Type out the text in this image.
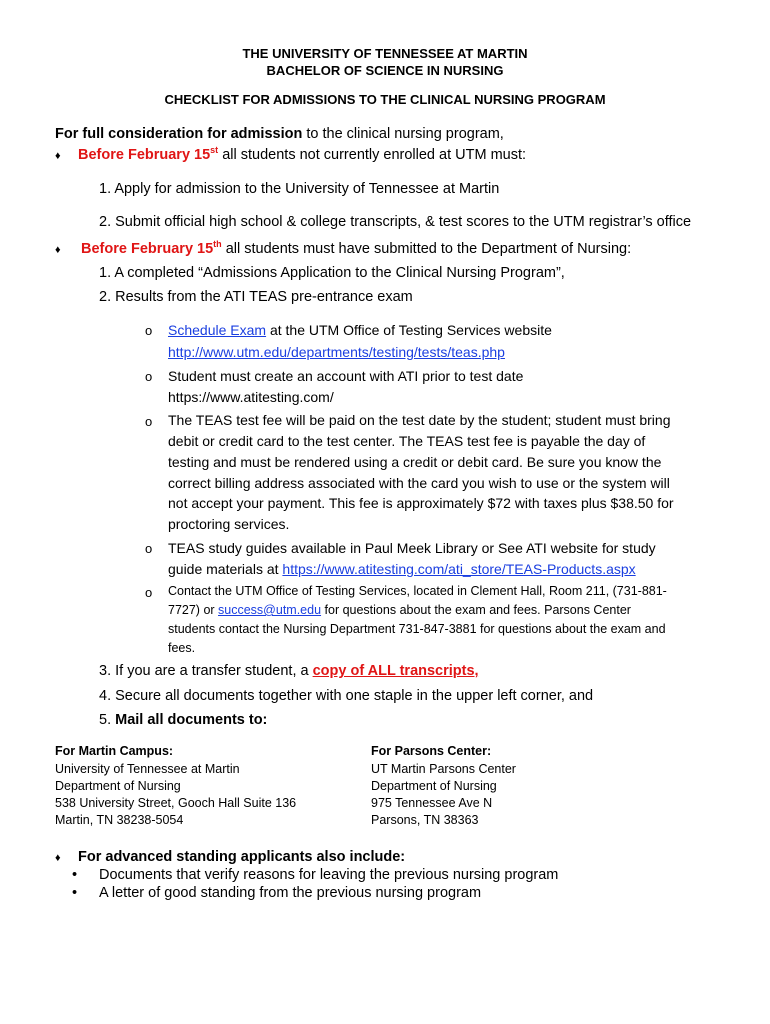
THE UNIVERSITY OF TENNESSEE AT MARTIN
BACHELOR OF SCIENCE IN NURSING
CHECKLIST FOR ADMISSIONS TO THE CLINICAL NURSING PROGRAM
For full consideration for admission to the clinical nursing program,
♦ Before February 15st all students not currently enrolled at UTM must:
1. Apply for admission to the University of Tennessee at Martin
2. Submit official high school & college transcripts, & test scores to the UTM registrar’s office
♦ Before February 15th all students must have submitted to the Department of Nursing:
1. A completed “Admissions Application to the Clinical Nursing Program”,
2. Results from the ATI TEAS pre-entrance exam
o Schedule Exam at the UTM Office of Testing Services website
http://www.utm.edu/departments/testing/tests/teas.php
o Student must create an account with ATI prior to test date
https://www.atitesting.com/
o The TEAS test fee will be paid on the test date by the student; student must bring
debit or credit card to the test center. The TEAS test fee is payable the day of
testing and must be rendered using a credit or debit card. Be sure you know the
correct billing address associated with the card you wish to use or the system will
not accept your payment. This fee is approximately $72 with taxes plus $38.50 for
proctoring services.
o TEAS study guides available in Paul Meek Library or See ATI website for study
guide materials at https://www.atitesting.com/ati_store/TEAS-Products.aspx
o Contact the UTM Office of Testing Services, located in Clement Hall, Room 211, (731-881-
7727) or success@utm.edu for questions about the exam and fees. Parsons Center
students contact the Nursing Department 731-847-3881 for questions about the exam and
fees.
3. If you are a transfer student, a copy of ALL transcripts,
4. Secure all documents together with one staple in the upper left corner, and
5. Mail all documents to:
For Martin Campus:
University of Tennessee at Martin
Department of Nursing
538 University Street, Gooch Hall Suite 136
Martin, TN 38238-5054
For Parsons Center:
UT Martin Parsons Center
Department of Nursing
975 Tennessee Ave N
Parsons, TN 38363
♦ For advanced standing applicants also include:
• Documents that verify reasons for leaving the previous nursing program
• A letter of good standing from the previous nursing program
